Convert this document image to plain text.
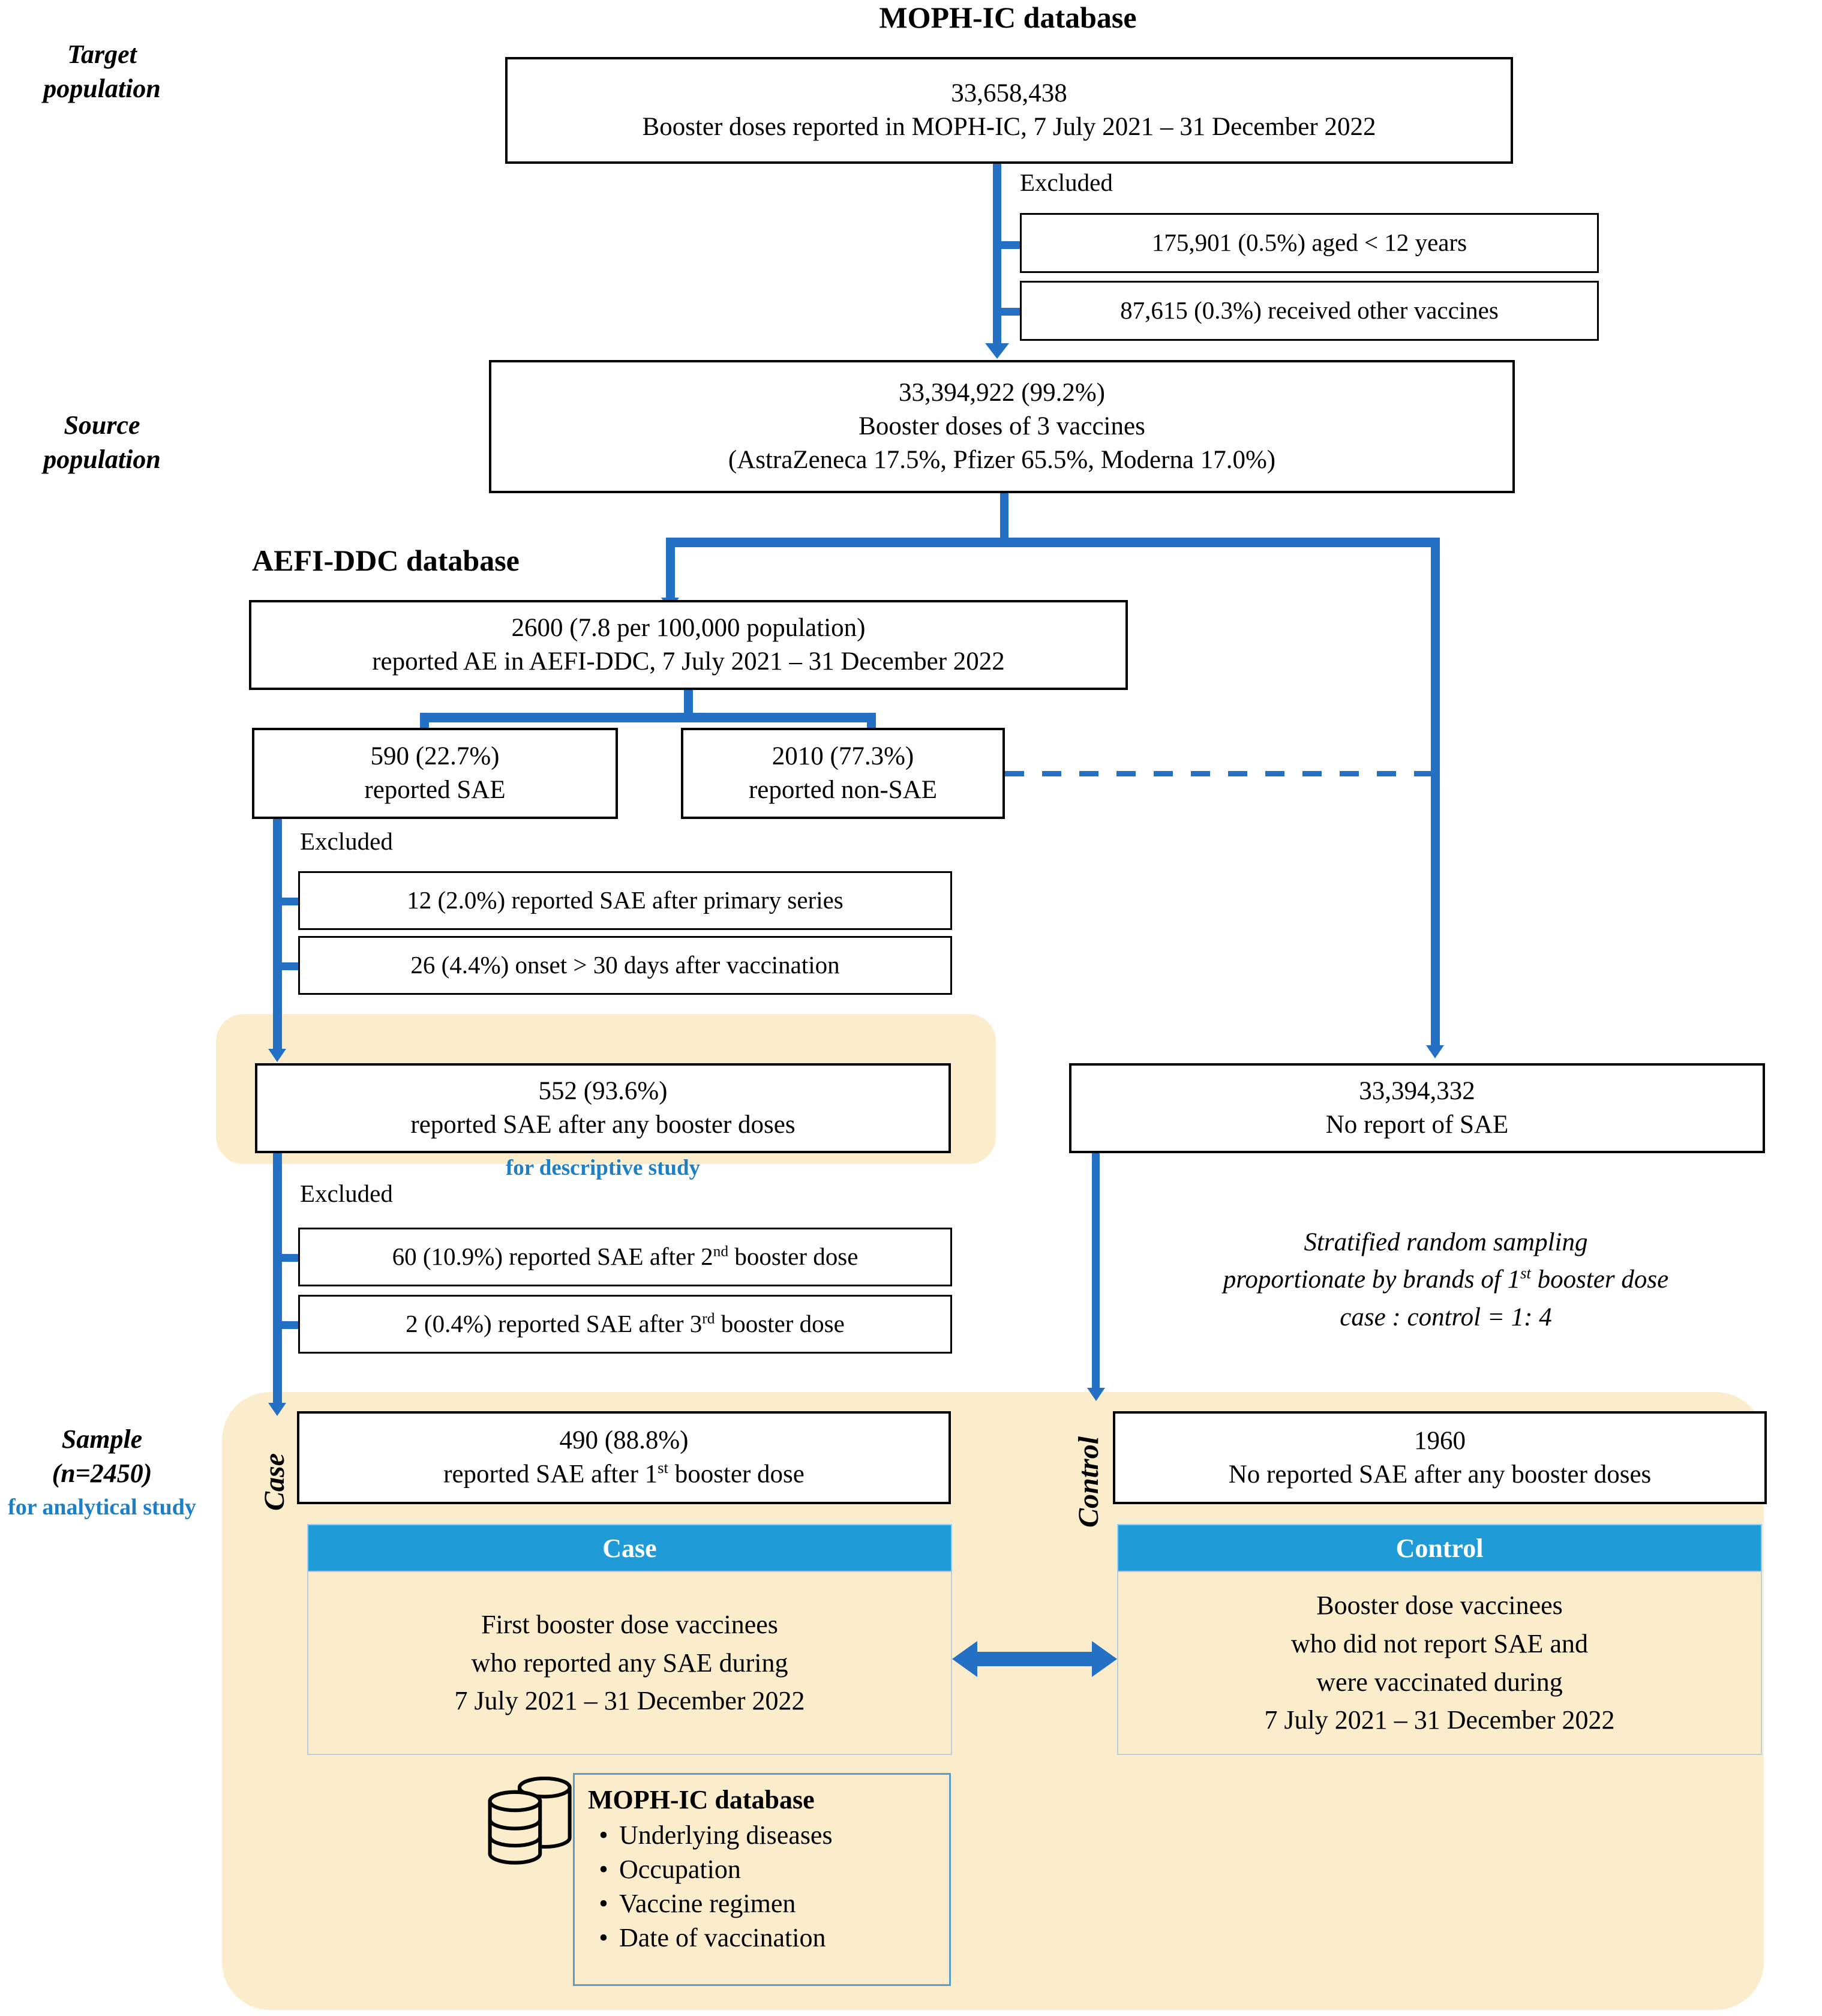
Target
population
Source
population
Sample
(n=2450)
for analytical study
MOPH-IC database
33,658,438
Booster doses reported in MOPH-IC, 7 July 2021 – 31 December 2022
Excluded
175,901 (0.5%) aged < 12 years
87,615 (0.3%) received other vaccines
33,394,922 (99.2%)
Booster doses of 3 vaccines
(AstraZeneca 17.5%, Pfizer 65.5%, Moderna 17.0%)
AEFI-DDC database
2600 (7.8 per 100,000 population)
reported AE in AEFI-DDC, 7 July 2021 – 31 December 2022
590 (22.7%)
reported SAE
2010 (77.3%)
reported non-SAE
Excluded
12 (2.0%) reported SAE after primary series
26 (4.4%) onset > 30 days after vaccination
552 (93.6%)
reported SAE after any booster doses
for descriptive study
33,394,332
No report of SAE
Stratified random sampling
proportionate by brands of 1st booster dose
case : control = 1: 4
Excluded
60 (10.9%) reported SAE after 2nd booster dose
2 (0.4%) reported SAE after 3rd booster dose
Case	Control
490 (88.8%)
reported SAE after 1st booster dose
1960
No reported SAE after any booster doses
Case
First booster dose vaccinees
who reported any SAE during
7 July 2021 – 31 December 2022
Control
Booster dose vaccinees
who did not report SAE and
were vaccinated during
7 July 2021 – 31 December 2022
MOPH-IC database
• Underlying diseases
• Occupation
• Vaccine regimen
• Date of vaccination
